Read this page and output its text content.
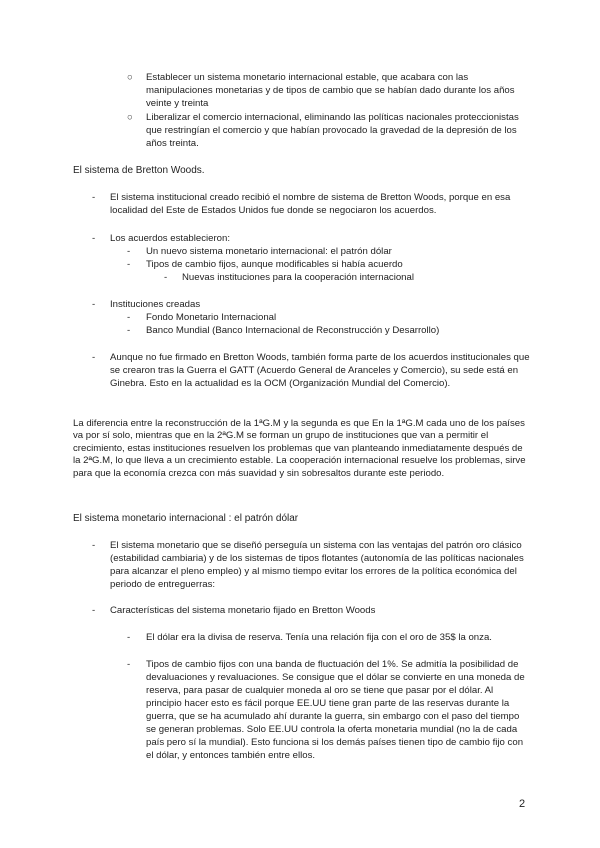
○ Establecer un sistema monetario internacional estable, que acabara con las manipulaciones monetarias y de tipos de cambio que se habían dado durante los años veinte y treinta
○ Liberalizar el comercio internacional, eliminando las políticas nacionales proteccionistas que restringían el comercio y que habían provocado la gravedad de la depresión de los años treinta.
El sistema de Bretton Woods.
- El sistema institucional creado recibió el nombre de sistema de Bretton Woods, porque en esa localidad del Este de Estados Unidos fue donde se negociaron los acuerdos.
- Los acuerdos establecieron:
- Un nuevo sistema monetario internacional: el patrón dólar
- Tipos de cambio fijos, aunque modificables si había acuerdo
- Nuevas instituciones para la cooperación internacional
- Instituciones creadas
- Fondo Monetario Internacional
- Banco Mundial (Banco Internacional de Reconstrucción y Desarrollo)
- Aunque no fue firmado en Bretton Woods, también forma parte de los acuerdos institucionales que se crearon tras la Guerra el GATT (Acuerdo General de Aranceles y Comercio), su sede está en Ginebra. Esto en la actualidad es la OCM (Organización Mundial del Comercio).
La diferencia entre la reconstrucción de la 1ªG.M y la segunda es que En la 1ªG.M cada uno de los países va por sí solo, mientras que en la 2ªG.M se forman un grupo de instituciones que van a permitir el crecimiento, estas instituciones resuelven los problemas que van planteando inmediatamente después de la 2ªG.M, lo que lleva a un crecimiento estable. La cooperación internacional resuelve los problemas, sirve para que la economía crezca con más suavidad y sin sobresaltos durante este periodo.
El sistema monetario internacional : el patrón dólar
- El sistema monetario que se diseñó perseguía un sistema con las ventajas del patrón oro clásico (estabilidad cambiaria) y de los sistemas de tipos flotantes (autonomía de las políticas nacionales para alcanzar el pleno empleo) y al mismo tiempo evitar los errores de la política económica del periodo de entreguerras:
- Características del sistema monetario fijado en Bretton Woods
- El dólar era la divisa de reserva. Tenía una relación fija con el oro de 35$ la onza.
- Tipos de cambio fijos con una banda de fluctuación del 1%. Se admitía la posibilidad de devaluaciones y revaluaciones. Se consigue que el dólar se convierte en una moneda de reserva, para pasar de cualquier moneda al oro se tiene que pasar por el dólar. Al principio hacer esto es fácil porque EE.UU tiene gran parte de las reservas durante la guerra, que se ha acumulado ahí durante la guerra, sin embargo con el paso del tiempo se generan problemas. Solo EE.UU controla la oferta monetaria mundial (no la de cada país pero sí la mundial). Esto funciona si los demás países tienen tipo de cambio fijo con el dólar, y entonces también entre ellos.
2
